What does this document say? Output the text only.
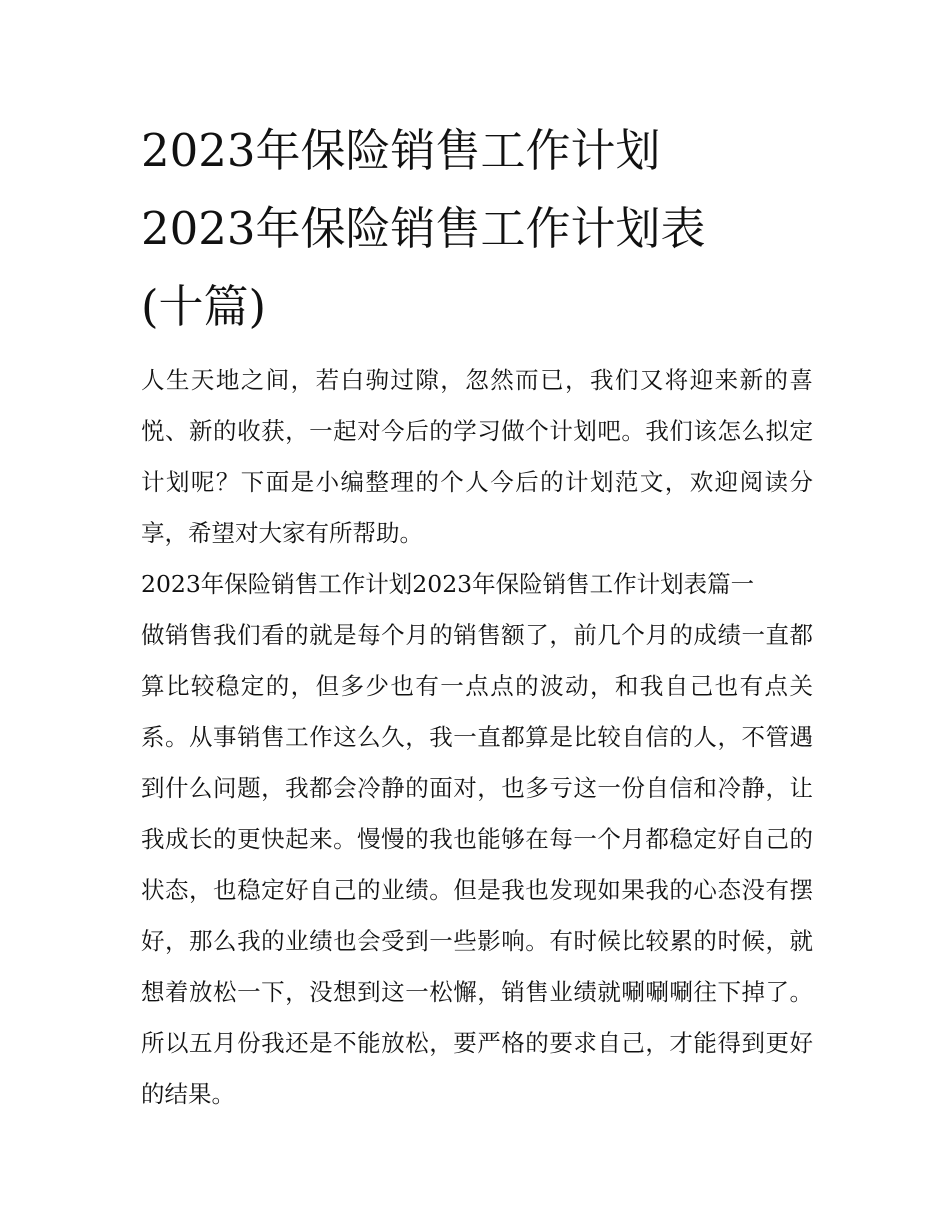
2023年保险销售工作计划
2023年保险销售工作计划表
(十篇)

人生天地之间，若白驹过隙，忽然而已，我们又将迎来新的喜悦、新的收获，一起对今后的学习做个计划吧。我们该怎么拟定计划呢？下面是小编整理的个人今后的计划范文，欢迎阅读分享，希望对大家有所帮助。

2023年保险销售工作计划2023年保险销售工作计划表篇一

做销售我们看的就是每个月的销售额了，前几个月的成绩一直都算比较稳定的，但多少也有一点点的波动，和我自己也有点关系。从事销售工作这么久，我一直都算是比较自信的人，不管遇到什么问题，我都会冷静的面对，也多亏这一份自信和冷静，让我成长的更快起来。慢慢的我也能够在每一个月都稳定好自己的状态，也稳定好自己的业绩。但是我也发现如果我的心态没有摆好，那么我的业绩也会受到一些影响。有时候比较累的时候，就想着放松一下，没想到这一松懈，销售业绩就唰唰唰往下掉了。所以五月份我还是不能放松，要严格的要求自己，才能得到更好的结果。
